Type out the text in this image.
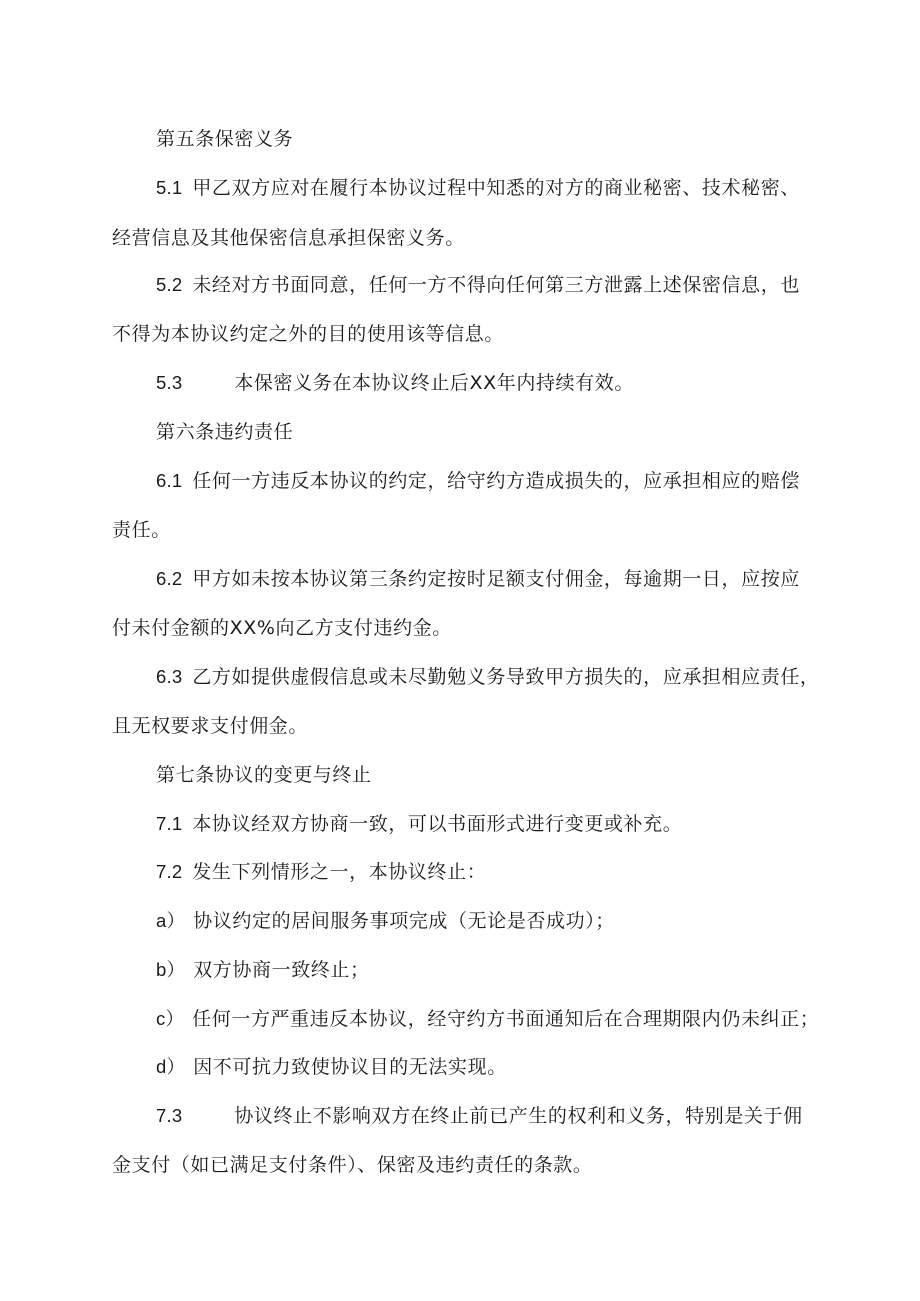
第五条保密义务
5.1 甲乙双方应对在履行本协议过程中知悉的对方的商业秘密、技术秘密、
经营信息及其他保密信息承担保密义务。
5.2 未经对方书面同意，任何一方不得向任何第三方泄露上述保密信息，也
不得为本协议约定之外的目的使用该等信息。
5.3	本保密义务在本协议终止后XX年内持续有效。
第六条违约责任
6.1 任何一方违反本协议的约定，给守约方造成损失的，应承担相应的赔偿
责任。
6.2 甲方如未按本协议第三条约定按时足额支付佣金，每逾期一日，应按应
付未付金额的XX%向乙方支付违约金。
6.3 乙方如提供虚假信息或未尽勤勉义务导致甲方损失的，应承担相应责任，
且无权要求支付佣金。
第七条协议的变更与终止
7.1 本协议经双方协商一致，可以书面形式进行变更或补充。
7.2 发生下列情形之一，本协议终止：
a） 协议约定的居间服务事项完成（无论是否成功）；
b） 双方协商一致终止；
c） 任何一方严重违反本协议，经守约方书面通知后在合理期限内仍未纠正；
d） 因不可抗力致使协议目的无法实现。
7.3	协议终止不影响双方在终止前已产生的权利和义务，特别是关于佣
金支付（如已满足支付条件）、保密及违约责任的条款。
